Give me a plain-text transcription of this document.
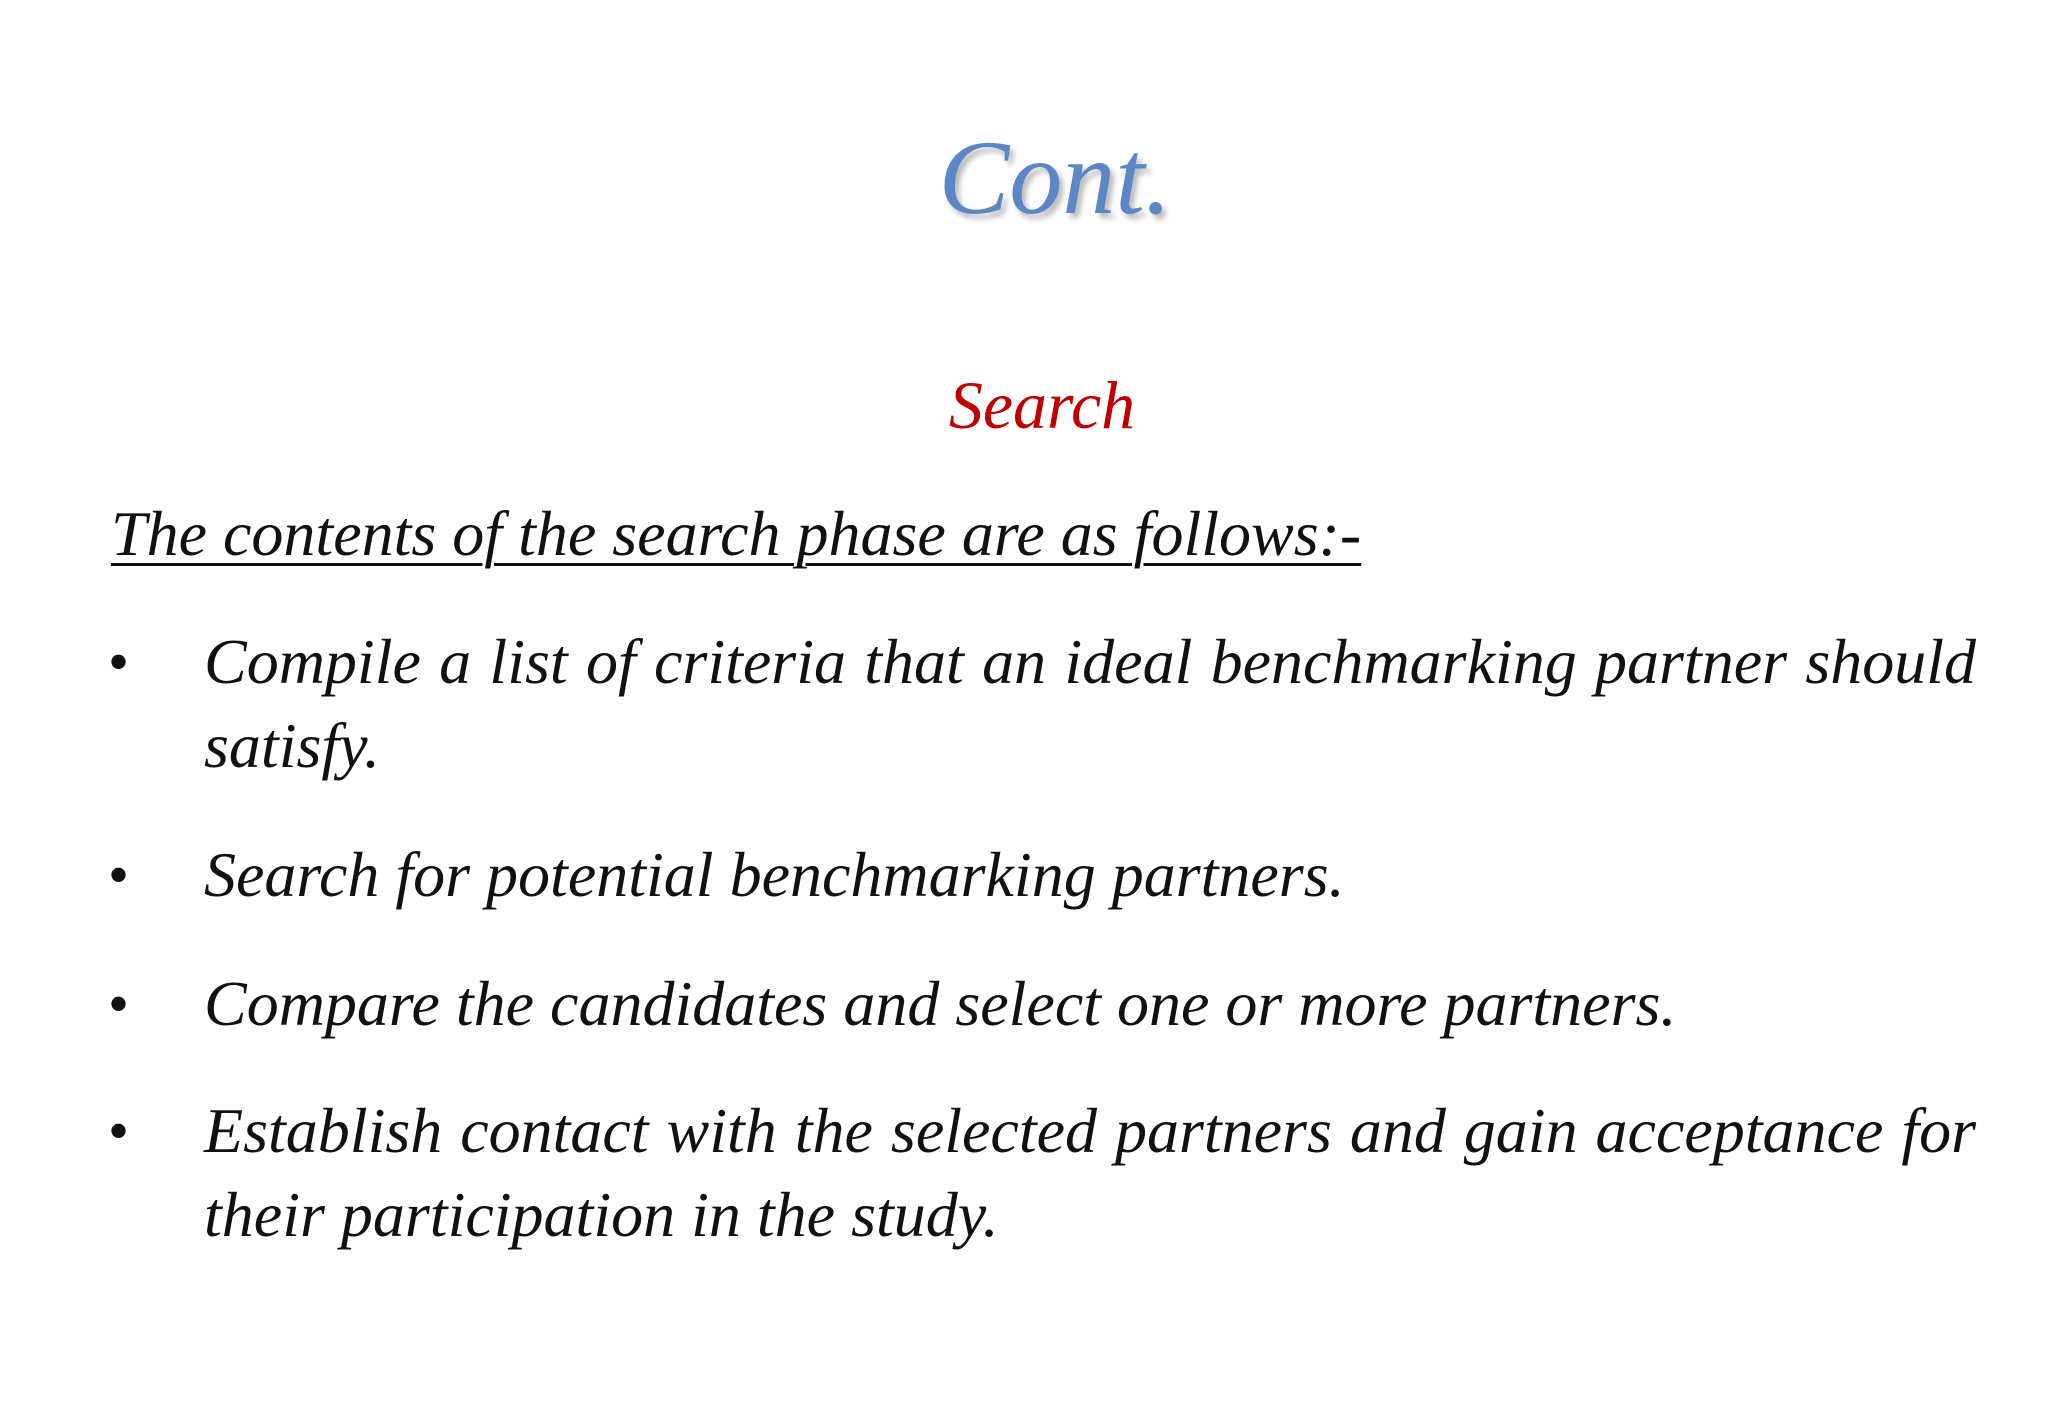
Cont.
Search
The contents of the search phase are as follows:-
• Compile a list of criteria that an ideal benchmarking partner should satisfy.
• Search for potential benchmarking partners.
• Compare the candidates and select one or more partners.
• Establish contact with the selected partners and gain acceptance for their participation in the study.
